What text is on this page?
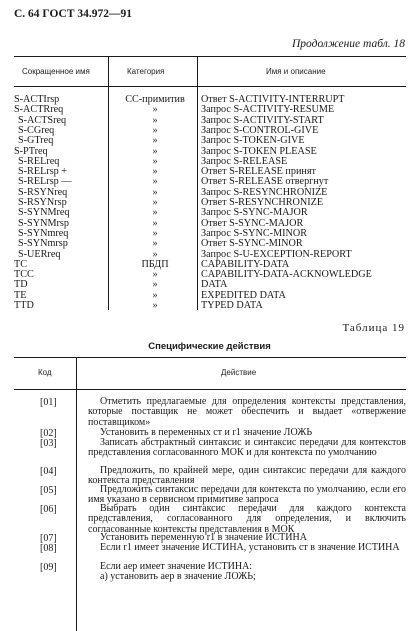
С. 64 ГОСТ 34.972—91
Продолжение табл. 18
Сокращенное имя	Категория	Имя и описание
S-ACTIrsp	СС-примитив	Ответ S-ACTIVITY-INTERRUPT
S-ACTRreq	»	Запрос S-ACTIVITY-RESUME
S-ACTSreq	»	Запрос S-ACTIVITY-START
S-CGreq	»	Запрос S-CONTROL-GIVE
S-GTreq	»	Запрос S-TOKEN-GIVE
S-PTreq	»	Запрос S-TOKEN PLEASE
S-RELreq	»	Запрос S-RELEASE
S-RELrsp +	»	Ответ S-RELEASE принят
S-RELrsp —	»	Ответ S-RELEASE отвергнут
S-RSYNreq	»	Запрос S-RESYNCHRONIZE
S-RSYNrsp	»	Ответ S-RESYNCHRONIZE
S-SYNMreq	»	Запрос S-SYNC-MAJOR
S-SYNMrsp	»	Ответ S-SYNC-MAJOR
S-SYNmreq	»	Запрос S-SYNC-MINOR
S-SYNmrsp	»	Ответ S-SYNC-MINOR
S-UERreq	»	Запрос S-U-EXCEPTION-REPORT
TC	ПБДП	CAPABILITY-DATA
TCC	»	CAPABILITY-DATA-ACKNOWLEDGE
TD	»	DATA
TE	»	EXPEDITED DATA
TTD	»	TYPED DATA
Таблица 19
Специфические действия
Код	Действие
[01]	Отметить предлагаемые для определения контексты представления, которые поставщик не может обеспечить и выдает «отвержение поставщиком»
[02]	Установить в переменных ст и r1 значение ЛОЖЬ
[03]	Записать абстрактный синтаксис и синтаксис передачи для контекстов представления согласованного МОК и для контекста по умолчанию
[04]	Предложить, по крайней мере, один синтаксис передачи для каждого контекста представления
[05]	Предложить синтаксис передачи для контекста по умолчанию, если его имя указано в сервисном примитиве запроса
[06]	Выбрать один синтаксис передачи для каждого контекста представления, согласованного для определения, и включить согласованные контексты представления в МОК
[07]	Установить переменную r1 в значение ИСТИНА
[08]	Если r1 имеет значение ИСТИНА, установить ст в значение ИСТИНА
[09]	Если аер имеет значение ИСТИНА:
а) установить аер в значение ЛОЖЬ;
